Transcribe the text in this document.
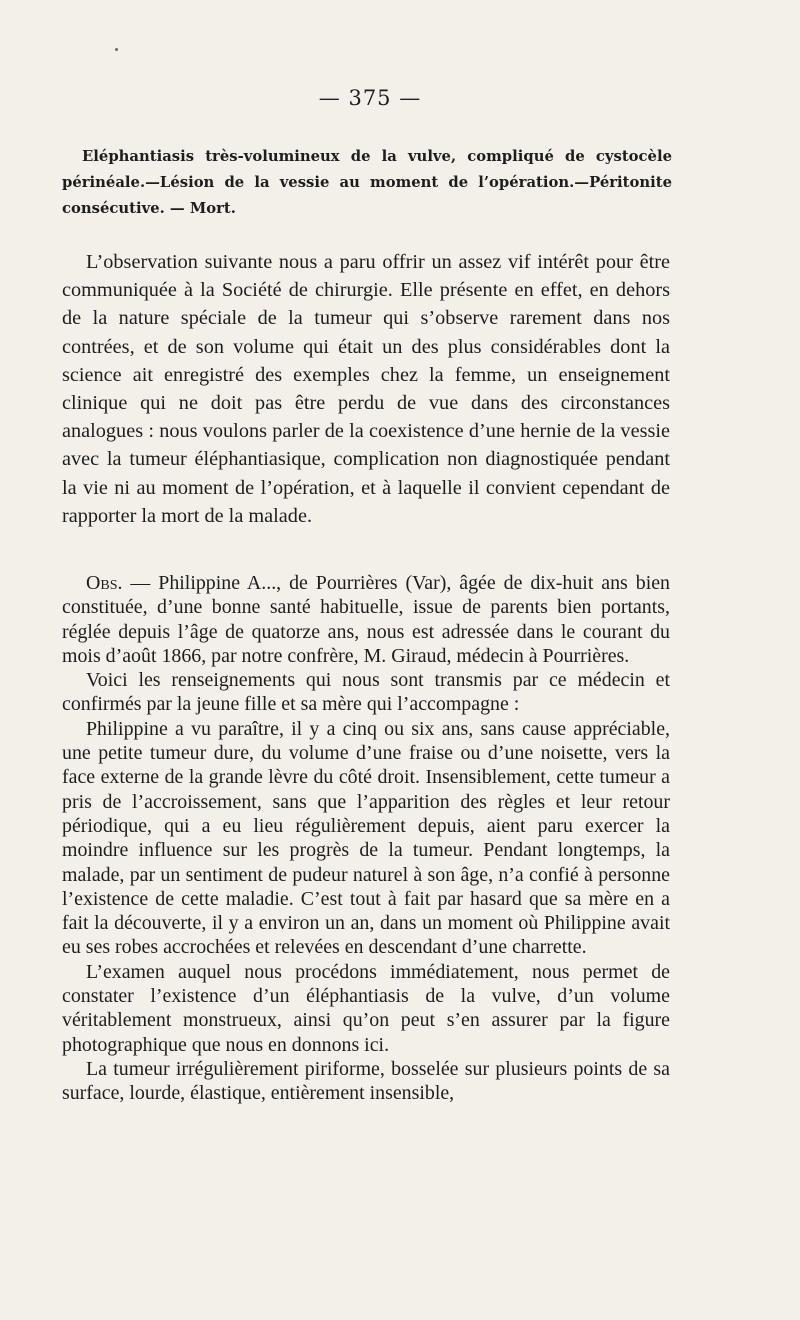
— 375 —
Eléphantiasis très-volumineux de la vulve, compliqué de cystocèle périnéale.—Lésion de la vessie au moment de l’opération.—Péritonite consécutive. — Mort.

L’observation suivante nous a paru offrir un assez vif intérêt pour être communiquée à la Société de chirurgie. Elle présente en effet, en dehors de la nature spéciale de la tumeur qui s’observe rarement dans nos contrées, et de son volume qui était un des plus considérables dont la science ait enregistré des exemples chez la femme, un enseignement clinique qui ne doit pas être perdu de vue dans des circonstances analogues : nous voulons parler de la coexistence d’une hernie de la vessie avec la tumeur éléphantiasique, complication non diagnostiquée pendant la vie ni au moment de l’opération, et à laquelle il convient cependant de rapporter la mort de la malade.

Obs. — Philippine A..., de Pourrières (Var), âgée de dix-huit ans bien constituée, d’une bonne santé habituelle, issue de parents bien portants, réglée depuis l’âge de quatorze ans, nous est adressée dans le courant du mois d’août 1866, par notre confrère, M. Giraud, médecin à Pourrières.

Voici les renseignements qui nous sont transmis par ce médecin et confirmés par la jeune fille et sa mère qui l’accompagne :

Philippine a vu paraître, il y a cinq ou six ans, sans cause appréciable, une petite tumeur dure, du volume d’une fraise ou d’une noisette, vers la face externe de la grande lèvre du côté droit. Insensiblement, cette tumeur a pris de l’accroissement, sans que l’apparition des règles et leur retour périodique, qui a eu lieu régulièrement depuis, aient paru exercer la moindre influence sur les progrès de la tumeur. Pendant longtemps, la malade, par un sentiment de pudeur naturel à son âge, n’a confié à personne l’existence de cette maladie. C’est tout à fait par hasard que sa mère en a fait la découverte, il y a environ un an, dans un moment où Philippine avait eu ses robes accrochées et relevées en descendant d’une charrette.

L’examen auquel nous procédons immédiatement, nous permet de constater l’existence d’un éléphantiasis de la vulve, d’un volume véritablement monstrueux, ainsi qu’on peut s’en assurer par la figure photographique que nous en donnons ici.

La tumeur irrégulièrement piriforme, bosselée sur plusieurs points de sa surface, lourde, élastique, entièrement insensible,
